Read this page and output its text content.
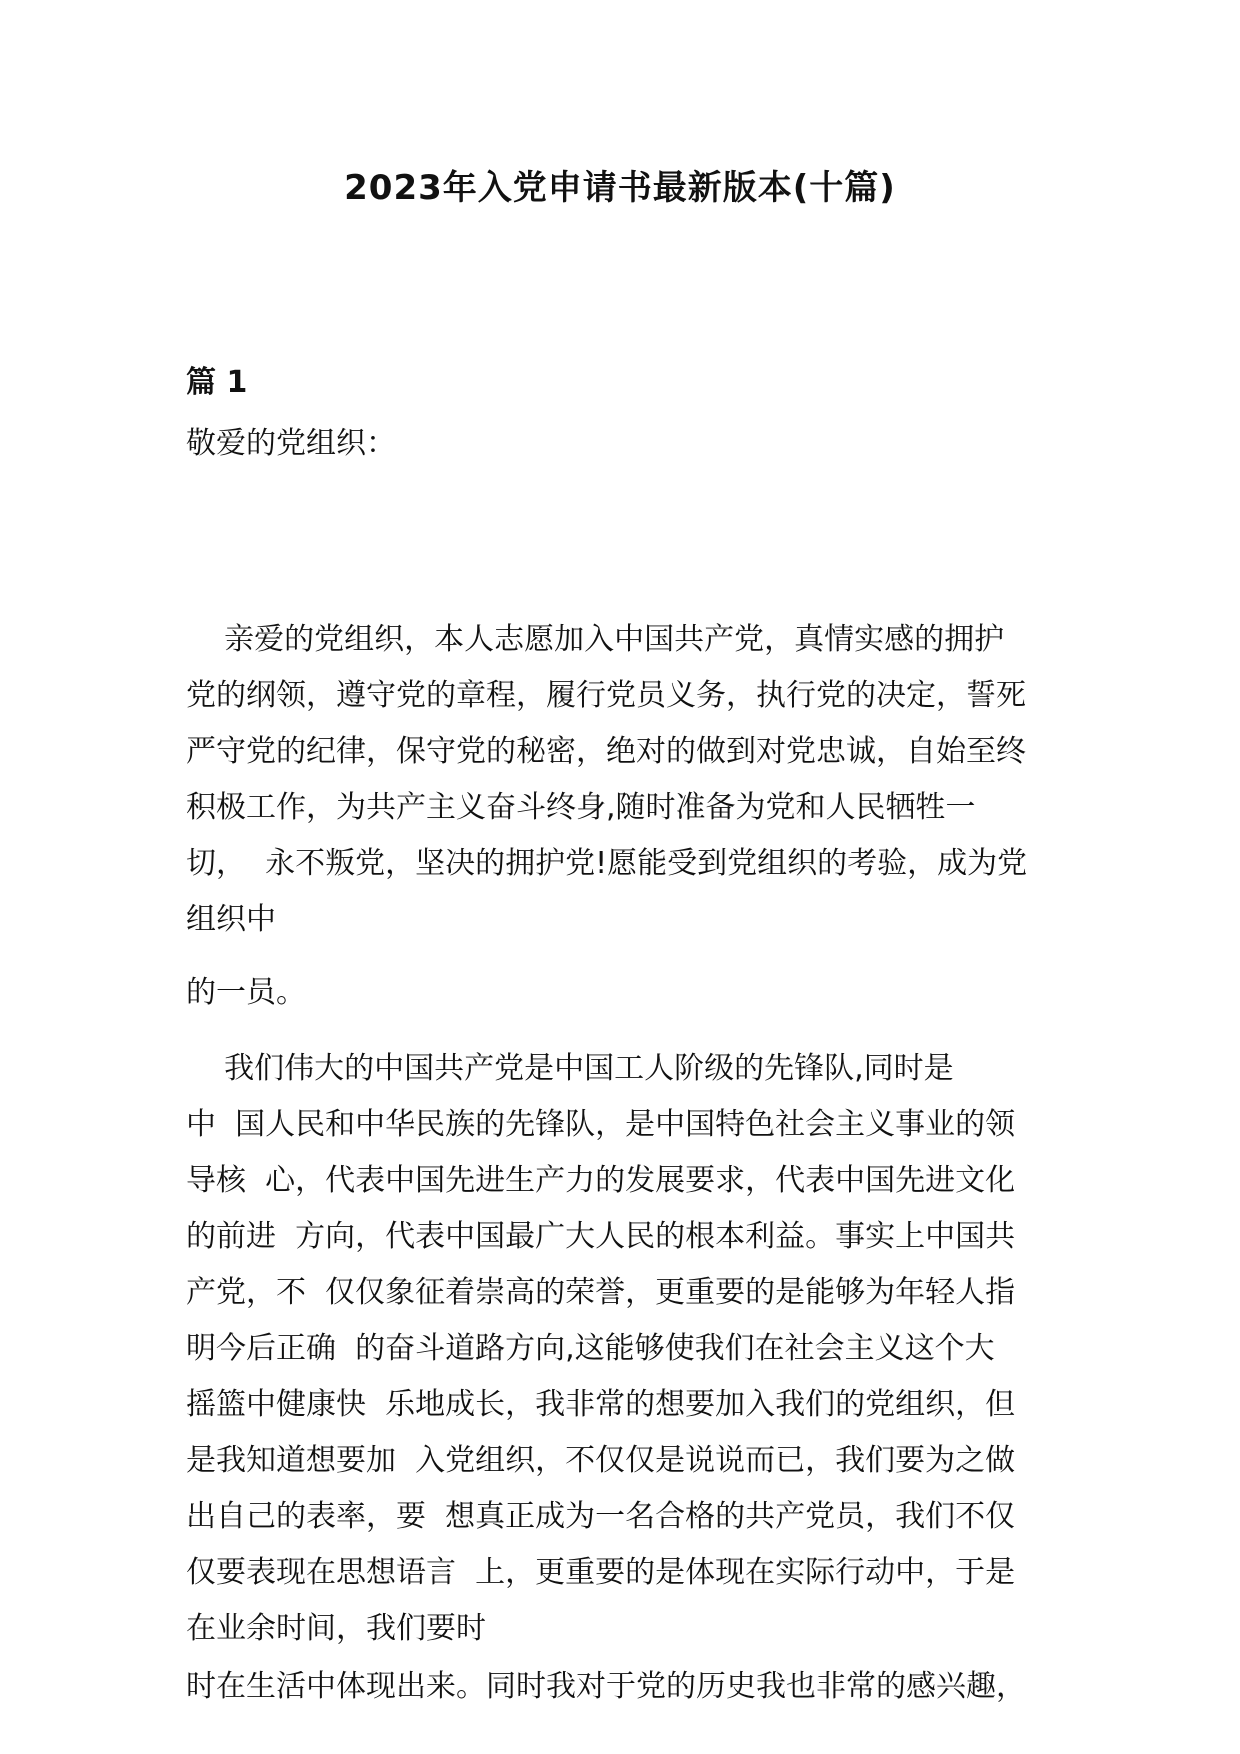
2023年入党申请书最新版本(十篇)
篇 1
敬爱的党组织：

亲爱的党组织，本人志愿加入中国共产党，真情实感的拥护
党的纲领，遵守党的章程，履行党员义务，执行党的决定，誓死
严守党的纪律，保守党的秘密，绝对的做到对党忠诚，自始至终
积极工作，为共产主义奋斗终身,随时准备为党和人民牺牲一
切，  永不叛党，坚决的拥护党!愿能受到党组织的考验，成为党
组织中

的一员。

我们伟大的中国共产党是中国工人阶级的先锋队,同时是
中  国人民和中华民族的先锋队，是中国特色社会主义事业的领
导核  心，代表中国先进生产力的发展要求，代表中国先进文化
的前进  方向，代表中国最广大人民的根本利益。事实上中国共
产党，不  仅仅象征着崇高的荣誉，更重要的是能够为年轻人指
明今后正确  的奋斗道路方向,这能够使我们在社会主义这个大
摇篮中健康快  乐地成长，我非常的想要加入我们的党组织，但
是我知道想要加  入党组织，不仅仅是说说而已，我们要为之做
出自己的表率，要  想真正成为一名合格的共产党员，我们不仅
仅要表现在思想语言  上，更重要的是体现在实际行动中，于是
在业余时间，我们要时

时在生活中体现出来。同时我对于党的历史我也非常的感兴趣，
